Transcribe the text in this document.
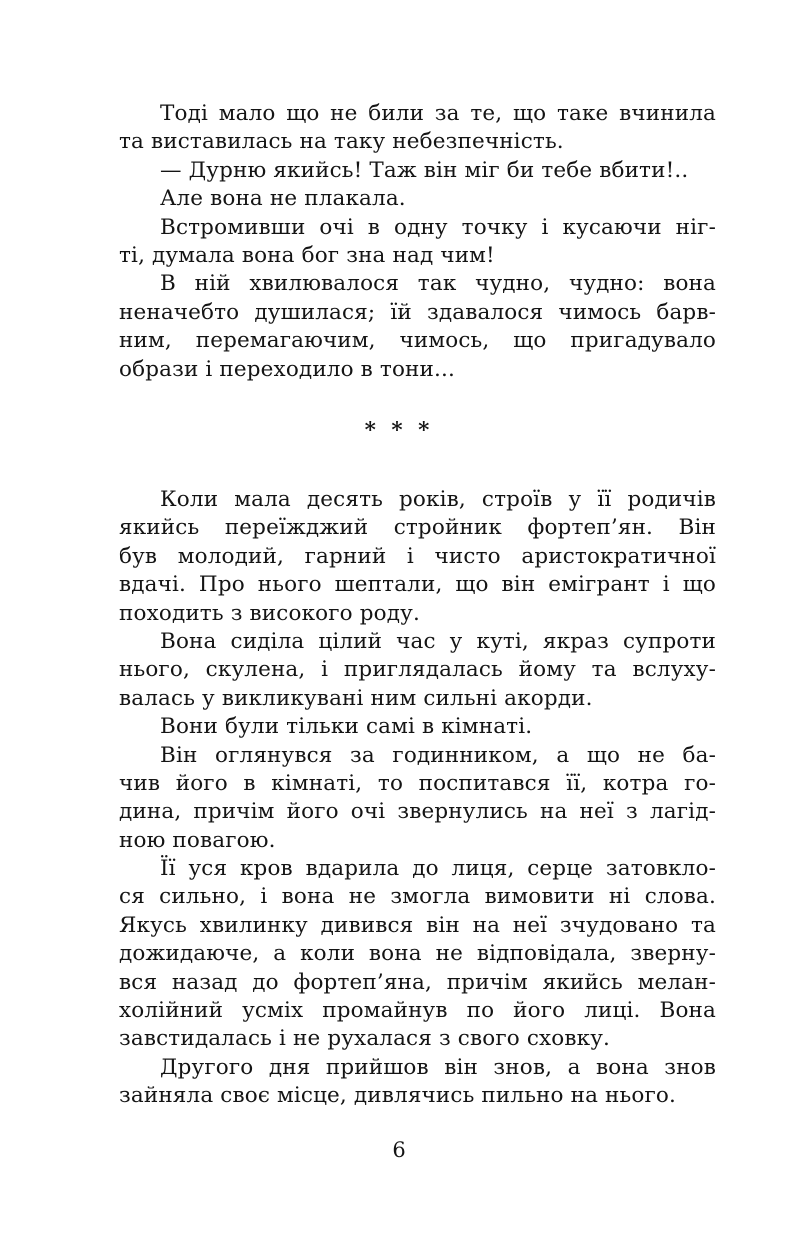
Тоді мало що не били за те, що таке вчинила
та виставилась на таку небезпечність.
— Дурню якийсь! Таж він міг би тебе вбити!..
Але вона не плакала.
Встромивши очі в одну точку і кусаючи ніг-
ті, думала вона бог зна над чим!
В ній хвилювалося так чудно, чудно: вона
неначебто душилася; їй здавалося чимось барв-
ним, перемагаючим, чимось, що пригадувало
образи і переходило в тони...
* * *
Коли мала десять років, строїв у її родичів
якийсь переїжджий стройник фортеп’ян. Він
був молодий, гарний і чисто аристократичної
вдачі. Про нього шептали, що він емігрант і що
походить з високого роду.
Вона сиділа цілий час у куті, якраз супроти
нього, скулена, і приглядалась йому та вслуху-
валась у викликувані ним сильні акорди.
Вони були тільки самі в кімнаті.
Він оглянувся за годинником, а що не ба-
чив його в кімнаті, то поспитався її, котра го-
дина, причім його очі звернулись на неї з лагід-
ною повагою.
Її уся кров вдарила до лиця, серце затовкло-
ся сильно, і вона не змогла вимовити ні слова.
Якусь хвилинку дивився він на неї зчудовано та
дожидаюче, а коли вона не відповідала, зверну-
вся назад до фортеп’яна, причім якийсь мелан-
холійний усміх промайнув по його лиці. Вона
завстидалась і не рухалася з свого сховку.
Другого дня прийшов він знов, а вона знов
зайняла своє місце, дивлячись пильно на нього.
6
